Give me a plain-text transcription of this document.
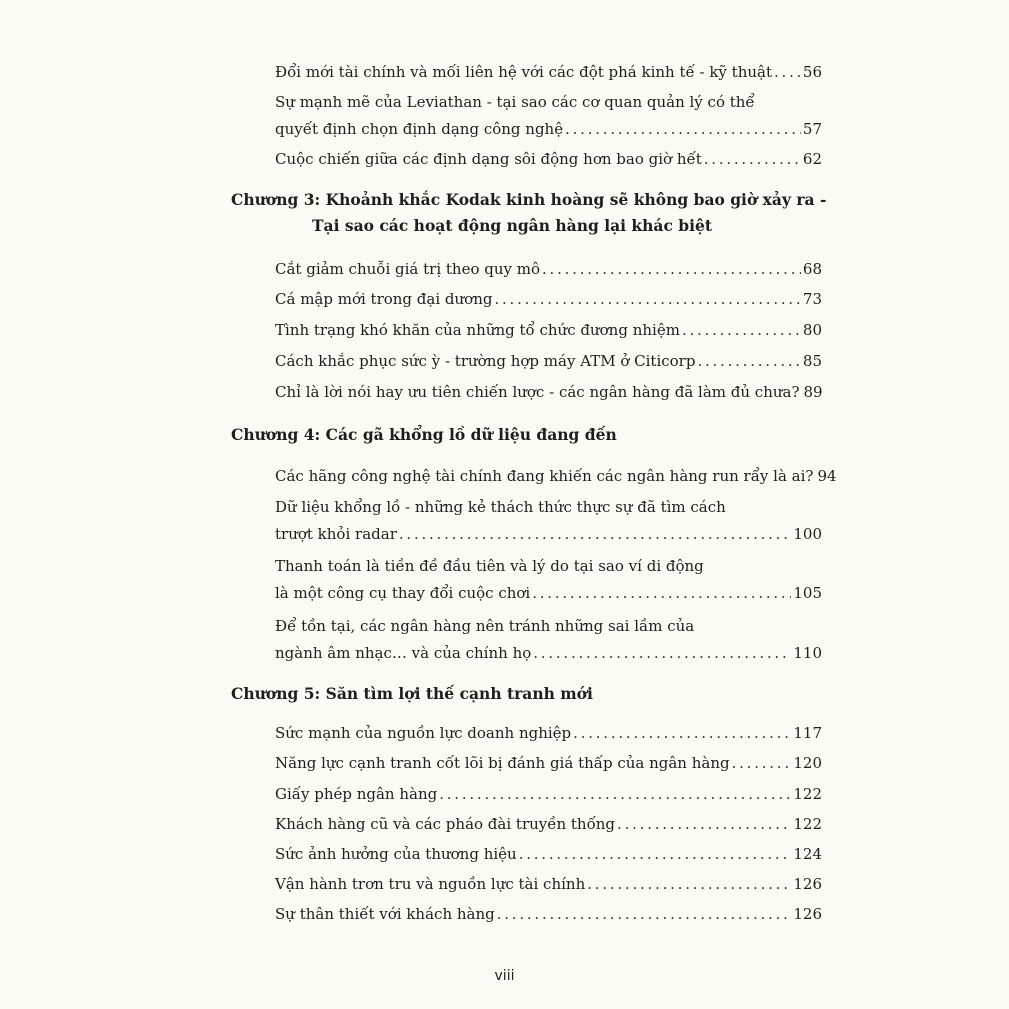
Đổi mới tài chính và mối liên hệ với các đột phá kinh tế - kỹ thuật . . . 56
Sự mạnh mẽ của Leviathan - tại sao các cơ quan quản lý có thể
quyết định chọn định dạng công nghệ . . .	57
Cuộc chiến giữa các định dạng sôi động hơn bao giờ hết . . .	62
Chương 3: Khoảnh khắc Kodak kinh hoàng sẽ không bao giờ xảy ra -
Tại sao các hoạt động ngân hàng lại khác biệt
Cắt giảm chuỗi giá trị theo quy mô . . .	68
Cá mập mới trong đại dương . . .	73
Tình trạng khó khăn của những tổ chức đương nhiệm . . .	80
Cách khắc phục sức ỳ - trường hợp máy ATM ở Citicorp . . .	85
Chỉ là lời nói hay ưu tiên chiến lược - các ngân hàng đã làm đủ chưa? 89
Chương 4: Các gã khổng lồ dữ liệu đang đến
Các hãng công nghệ tài chính đang khiến các ngân hàng run rẩy là ai? 94
Dữ liệu khổng lồ - những kẻ thách thức thực sự đã tìm cách
trượt khỏi radar . . .	100
Thanh toán là tiền đề đầu tiên và lý do tại sao ví di động
là một công cụ thay đổi cuộc chơi . . .	105
Để tồn tại, các ngân hàng nên tránh những sai lầm của
ngành âm nhạc… và của chính họ . . .	110
Chương 5: Săn tìm lợi thế cạnh tranh mới
Sức mạnh của nguồn lực doanh nghiệp . . .	117
Năng lực cạnh tranh cốt lõi bị đánh giá thấp của ngân hàng . . .	120
Giấy phép ngân hàng . . .	122
Khách hàng cũ và các pháo đài truyền thống . . .	122
Sức ảnh hưởng của thương hiệu . . .	124
Vận hành trơn tru và nguồn lực tài chính . . .	126
Sự thân thiết với khách hàng . . .	126
viii
